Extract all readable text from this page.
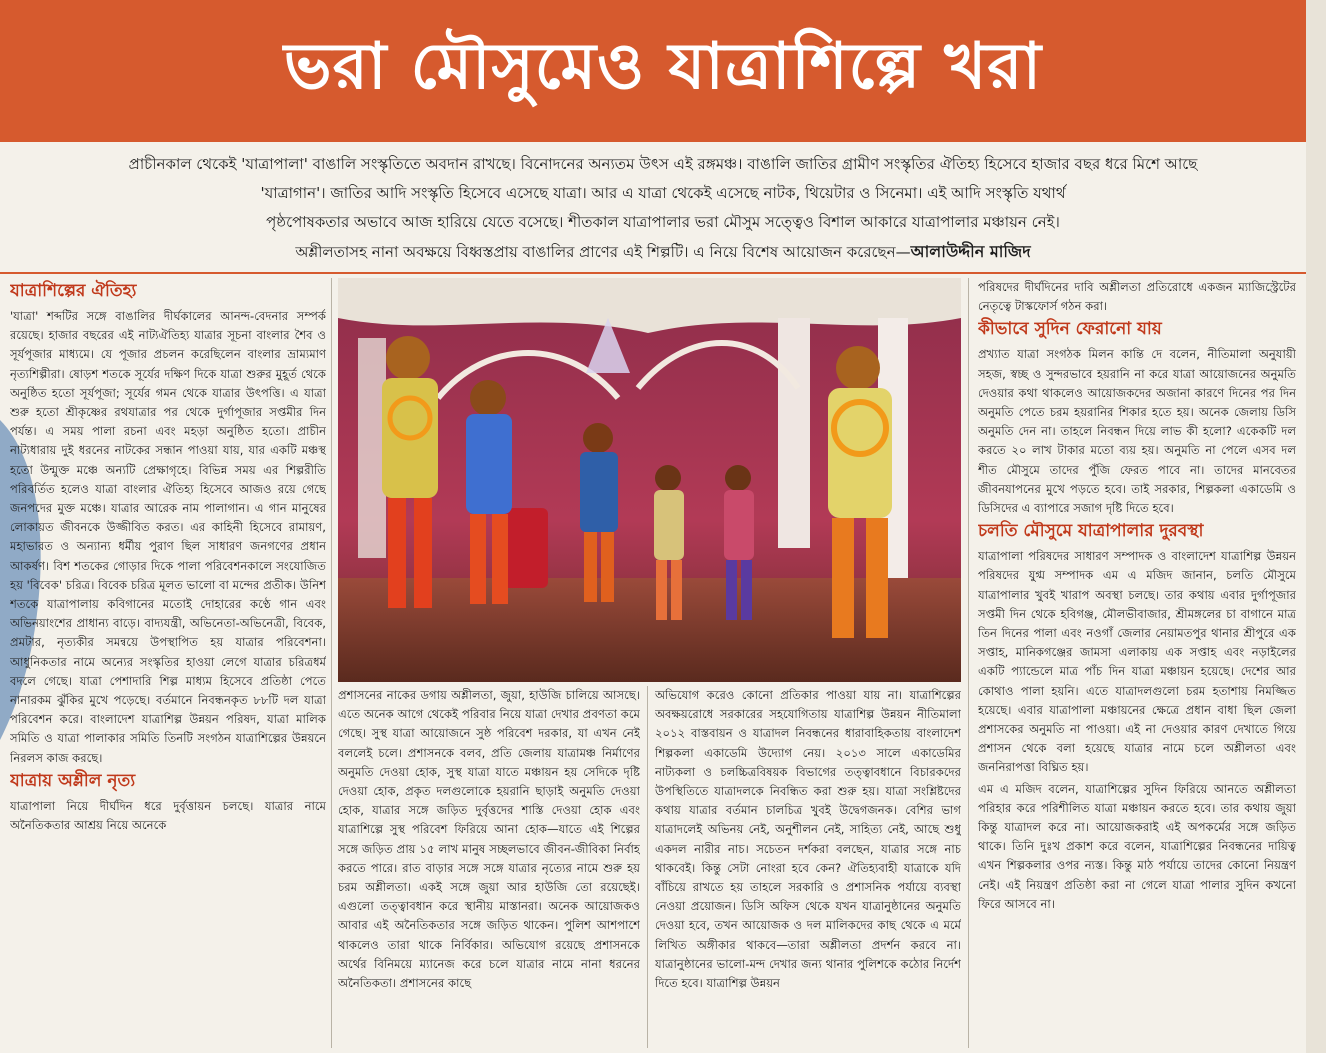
ভরা মৌসুমেও যাত্রাশিল্পে খরা
প্রাচীনকাল থেকেই 'যাত্রাপালা' বাঙালি সংস্কৃতিতে অবদান রাখছে। বিনোদনের অন্যতম উৎস এই রঙ্গমঞ্চ। বাঙালি জাতির গ্রামীণ সংস্কৃতির ঐতিহ্য হিসেবে হাজার বছর ধরে মিশে আছে
'যাত্রাগান'। জাতির আদি সংস্কৃতি হিসেবে এসেছে যাত্রা। আর এ যাত্রা থেকেই এসেছে নাটক, থিয়েটার ও সিনেমা। এই আদি সংস্কৃতি যথার্থ
পৃষ্ঠপোষকতার অভাবে আজ হারিয়ে যেতে বসেছে। শীতকাল যাত্রাপালার ভরা মৌসুম সত্ত্বেও বিশাল আকারে যাত্রাপালার মঞ্চায়ন নেই।
অশ্লীলতাসহ নানা অবক্ষয়ে বিধ্বস্তপ্রায় বাঙালির প্রাণের এই শিল্পটি। এ নিয়ে বিশেষ আয়োজন করেছেন—আলাউদ্দীন মাজিদ
যাত্রাশিল্পের ঐতিহ্য

'যাত্রা' শব্দটির সঙ্গে বাঙালির দীর্ঘকালের আনন্দ-বেদনার সম্পর্ক রয়েছে। হাজার বছরের এই নাট্যঐতিহ্য যাত্রার সূচনা বাংলার শৈব ও সূর্যপূজার মাধ্যমে। যে পূজার প্রচলন করেছিলেন বাংলার ভ্রাম্যমাণ নৃত্যশিল্পীরা। ষোড়শ শতকে সূর্যের দক্ষিণ দিকে যাত্রা শুরুর মুহূর্ত থেকে অনুষ্ঠিত হতো সূর্যপূজা; সূর্যের গমন থেকে যাত্রার উৎপত্তি। এ যাত্রা শুরু হতো শ্রীকৃষ্ণের রথযাত্রার পর থেকে দুর্গাপূজার সপ্তমীর দিন পর্যন্ত। এ সময় পালা রচনা এবং মহড়া অনুষ্ঠিত হতো। প্রাচীন নাট্যধারায় দুই ধরনের নাটকের সন্ধান পাওয়া যায়, যার একটি মঞ্চস্থ হতো উন্মুক্ত মঞ্চে অন্যটি প্রেক্ষাগৃহে। বিভিন্ন সময় এর শিল্পরীতি পরিবর্তিত হলেও যাত্রা বাংলার ঐতিহ্য হিসেবে আজও রয়ে গেছে জনপদের মুক্ত মঞ্চে। যাত্রার আরেক নাম পালাগান। এ গান মানুষের লোকায়ত জীবনকে উজ্জীবিত করত। এর কাহিনী হিসেবে রামায়ণ, মহাভারত ও অন্যান্য ধর্মীয় পুরাণ ছিল সাধারণ জনগণের প্রধান আকর্ষণ। বিশ শতকের গোড়ার দিকে পালা পরিবেশনকালে সংযোজিত হয় 'বিবেক' চরিত্র। বিবেক চরিত্র মূলত ভালো বা মন্দের প্রতীক। উনিশ শতকে যাত্রাপালায় কবিগানের মতোই দোহারের কণ্ঠে গান এবং অভিনয়াংশের প্রাধান্য বাড়ে। বাদ্যযন্ত্রী, অভিনেতা-অভিনেত্রী, বিবেক, প্রমটার, নৃত্যকীর সমন্বয়ে উপস্থাপিত হয় যাত্রার পরিবেশনা। আধুনিকতার নামে অন্যের সংস্কৃতির হাওয়া লেগে যাত্রার চরিত্রধর্ম বদলে গেছে। যাত্রা পেশাদারি শিল্প মাধ্যম হিসেবে প্রতিষ্ঠা পেতে নানারকম ঝুঁকির মুখে পড়েছে। বর্তমানে নিবন্ধনকৃত ৮৮টি দল যাত্রা পরিবেশন করে। বাংলাদেশ যাত্রাশিল্প উন্নয়ন পরিষদ, যাত্রা মালিক সমিতি ও যাত্রা পালাকার সমিতি তিনটি সংগঠন যাত্রাশিল্পের উন্নয়নে নিরলস কাজ করছে।

যাত্রায় অশ্লীল নৃত্য

যাত্রাপালা নিয়ে দীর্ঘদিন ধরে দুর্বৃত্তায়ন চলছে। যাত্রার নামে অনৈতিকতার আশ্রয় নিয়ে অনেকে

প্রশাসনের নাকের ডগায় অশ্লীলতা, জুয়া, হাউজি চালিয়ে আসছে। এতে অনেক আগে থেকেই পরিবার নিয়ে যাত্রা দেখার প্রবণতা কমে গেছে। সুস্থ যাত্রা আয়োজনে সুষ্ঠ পরিবেশ দরকার, যা এখন নেই বললেই চলে। প্রশাসনকে বলব, প্রতি জেলায় যাত্রামঞ্চ নির্মাণের অনুমতি দেওয়া হোক, সুস্থ যাত্রা যাতে মঞ্চায়ন হয় সেদিকে দৃষ্টি দেওয়া হোক, প্রকৃত দলগুলোকে হয়রানি ছাড়াই অনুমতি দেওয়া হোক, যাত্রার সঙ্গে জড়িত দুর্বৃত্তদের শাস্তি দেওয়া হোক এবং যাত্রাশিল্পে সুস্থ পরিবেশ ফিরিয়ে আনা হোক—যাতে এই শিল্পের সঙ্গে জড়িত প্রায় ১৫ লাখ মানুষ সচ্ছলভাবে জীবন-জীবিকা নির্বাহ করতে পারে। রাত বাড়ার সঙ্গে সঙ্গে যাত্রার নৃত্যের নামে শুরু হয় চরম অশ্লীলতা। একই সঙ্গে জুয়া আর হাউজি তো রয়েছেই। এগুলো তত্ত্বাবধান করে স্থানীয় মাস্তানরা। অনেক আয়োজকও আবার এই অনৈতিকতার সঙ্গে জড়িত থাকেন। পুলিশ আশপাশে থাকলেও তারা থাকে নির্বিকার। অভিযোগ রয়েছে প্রশাসনকে অর্থের বিনিময়ে ম্যানেজ করে চলে যাত্রার নামে নানা ধরনের অনৈতিকতা। প্রশাসনের কাছে

অভিযোগ করেও কোনো প্রতিকার পাওয়া যায় না। যাত্রাশিল্পের অবক্ষয়রোধে সরকারের সহযোগিতায় যাত্রাশিল্প উন্নয়ন নীতিমালা ২০১২ বাস্তবায়ন ও যাত্রাদল নিবন্ধনের ধারাবাহিকতায় বাংলাদেশ শিল্পকলা একাডেমি উদ্যোগ নেয়। ২০১৩ সালে একাডেমির নাট্যকলা ও চলচ্চিত্রবিষয়ক বিভাগের তত্ত্বাবধানে বিচারকদের উপস্থিতিতে যাত্রাদলকে নিবন্ধিত করা শুরু হয়। যাত্রা সংশ্লিষ্টদের কথায় যাত্রার বর্তমান চালচিত্র খুবই উদ্বেগজনক। বেশির ভাগ যাত্রাদলেই অভিনয় নেই, অনুশীলন নেই, সাহিত্য নেই, আছে শুধু একদল নারীর নাচ। সচেতন দর্শকরা বলছেন, যাত্রার সঙ্গে নাচ থাকবেই। কিন্তু সেটা নোংরা হবে কেন? ঐতিহ্যবাহী যাত্রাকে যদি বাঁচিয়ে রাখতে হয় তাহলে সরকারি ও প্রশাসনিক পর্যায়ে ব্যবস্থা নেওয়া প্রয়োজন। ডিসি অফিস থেকে যখন যাত্রানুষ্ঠানের অনুমতি দেওয়া হবে, তখন আয়োজক ও দল মালিকদের কাছ থেকে এ মর্মে লিখিত অঙ্গীকার থাকবে—তারা অশ্লীলতা প্রদর্শন করবে না। যাত্রানুষ্ঠানের ভালো-মন্দ দেখার জন্য থানার পুলিশকে কঠোর নির্দেশ দিতে হবে। যাত্রাশিল্প উন্নয়ন

পরিষদের দীর্ঘদিনের দাবি অশ্লীলতা প্রতিরোধে একজন ম্যাজিস্ট্রেটের নেতৃত্বে টাস্কফোর্স গঠন করা।

কীভাবে সুদিন ফেরানো যায়

প্রখ্যাত যাত্রা সংগঠক মিলন কান্তি দে বলেন, নীতিমালা অনুযায়ী সহজ, স্বচ্ছ ও সুন্দরভাবে হয়রানি না করে যাত্রা আয়োজনের অনুমতি দেওয়ার কথা থাকলেও আয়োজকদের অজানা কারণে দিনের পর দিন অনুমতি পেতে চরম হয়রানির শিকার হতে হয়। অনেক জেলায় ডিসি অনুমতি দেন না। তাহলে নিবন্ধন দিয়ে লাভ কী হলো? একেকটি দল করতে ২০ লাখ টাকার মতো ব্যয় হয়। অনুমতি না পেলে এসব দল শীত মৌসুমে তাদের পুঁজি ফেরত পাবে না। তাদের মানবেতর জীবনযাপনের মুখে পড়তে হবে। তাই সরকার, শিল্পকলা একাডেমি ও ডিসিদের এ ব্যাপারে সজাগ দৃষ্টি দিতে হবে।

চলতি মৌসুমে যাত্রাপালার দুরবস্থা

যাত্রাপালা পরিষদের সাধারণ সম্পাদক ও বাংলাদেশ যাত্রাশিল্প উন্নয়ন পরিষদের যুগ্ম সম্পাদক এম এ মজিদ জানান, চলতি মৌসুমে যাত্রাপালার খুবই খারাপ অবস্থা চলছে। তার কথায় এবার দুর্গাপূজার সপ্তমী দিন থেকে হবিগঞ্জ, মৌলভীবাজার, শ্রীমঙ্গলের চা বাগানে মাত্র তিন দিনের পালা এবং নওগাঁ জেলার নেয়ামতপুর থানার শ্রীপুরে এক সপ্তাহ, মানিকগঞ্জের জামসা এলাকায় এক সপ্তাহ এবং নড়াইলের একটি প্যান্ডেলে মাত্র পাঁচ দিন যাত্রা মঞ্চায়ন হয়েছে। দেশের আর কোথাও পালা হয়নি। এতে যাত্রাদলগুলো চরম হতাশায় নিমজ্জিত হয়েছে। এবার যাত্রাপালা মঞ্চায়নের ক্ষেত্রে প্রধান বাধা ছিল জেলা প্রশাসকের অনুমতি না পাওয়া। এই না দেওয়ার কারণ দেখাতে গিয়ে প্রশাসন থেকে বলা হয়েছে যাত্রার নামে চলে অশ্লীলতা এবং জননিরাপত্তা বিঘ্নিত হয়।

এম এ মজিদ বলেন, যাত্রাশিল্পের সুদিন ফিরিয়ে আনতে অশ্লীলতা পরিহার করে পরিশীলিত যাত্রা মঞ্চায়ন করতে হবে। তার কথায় জুয়া কিন্তু যাত্রাদল করে না। আয়োজকরাই এই অপকর্মের সঙ্গে জড়িত থাকে। তিনি দুঃখ প্রকাশ করে বলেন, যাত্রাশিল্পের নিবন্ধনের দায়িত্ব এখন শিল্পকলার ওপর ন্যস্ত। কিন্তু মাঠ পর্যায়ে তাদের কোনো নিয়ন্ত্রণ নেই। এই নিয়ন্ত্রণ প্রতিষ্ঠা করা না গেলে যাত্রা পালার সুদিন কখনো ফিরে আসবে না।
